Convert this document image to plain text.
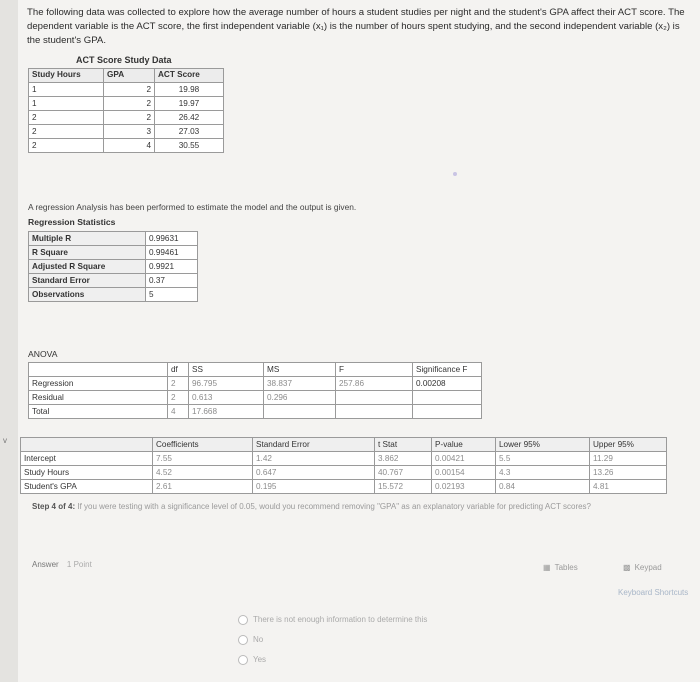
The following data was collected to explore how the average number of hours a student studies per night and the student's GPA affect their ACT score. The dependent variable is the ACT score, the first independent variable (x₁) is the number of hours spent studying, and the second independent variable (x₂) is the student's GPA.
ACT Score Study Data
Study Hours	GPA	ACT Score
1	2	19.98
1	2	19.97
2	2	26.42
2	3	27.03
2	4	30.55
A regression Analysis has been performed to estimate the model and the output is given.
Regression Statistics
Multiple R	0.99631
R Square	0.99461
Adjusted R Square	0.9921
Standard Error	0.37
Observations	5
ANOVA
	df	SS	MS	F	Significance F
Regression	2	96.795	38.837	257.86	0.00208
Residual	2	0.613	0.296		
Total	4	17.668			
	Coefficients	Standard Error	t Stat	P-value	Lower 95%	Upper 95%
Intercept	7.55	1.42	3.862	0.00421	5.5	11.29
Study Hours	4.52	0.647	40.767	0.00154	4.3	13.26
Student's GPA	2.61	0.195	15.572	0.02193	0.84	4.81
Step 4 of 4: If you were testing with a significance level of 0.05, would you recommend removing "GPA" as an explanatory variable for predicting ACT scores?
Answer 1 Point	▦ Tables	▩ Keypad
Keyboard Shortcuts
There is not enough information to determine this
No
Yes
v
